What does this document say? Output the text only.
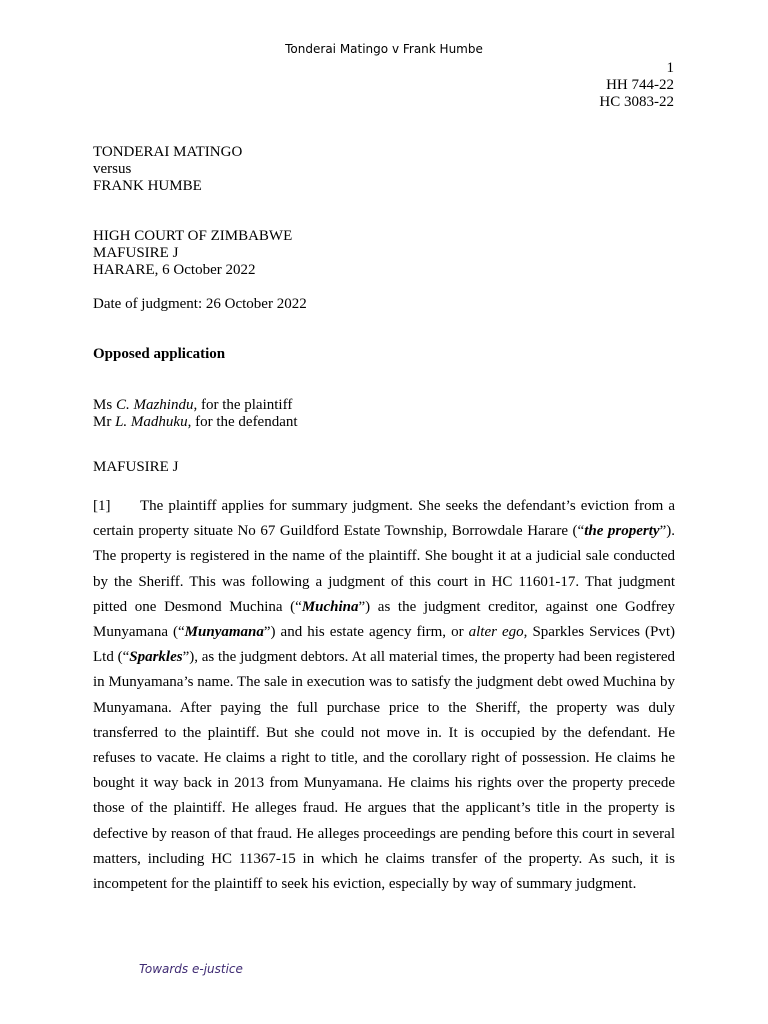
Tonderai Matingo v Frank Humbe
1
HH 744-22
HC 3083-22
TONDERAI MATINGO
versus
FRANK HUMBE
HIGH COURT OF ZIMBABWE
MAFUSIRE J
HARARE, 6 October 2022
Date of judgment: 26 October 2022
Opposed application
Ms C. Mazhindu, for the plaintiff
Mr L. Madhuku, for the defendant
MAFUSIRE J

[1] The plaintiff applies for summary judgment. She seeks the defendant’s eviction from a certain property situate No 67 Guildford Estate Township, Borrowdale Harare (“the property”). The property is registered in the name of the plaintiff. She bought it at a judicial sale conducted by the Sheriff. This was following a judgment of this court in HC 11601-17. That judgment pitted one Desmond Muchina (“Muchina”) as the judgment creditor, against one Godfrey Munyamana (“Munyamana”) and his estate agency firm, or alter ego, Sparkles Services (Pvt) Ltd (“Sparkles”), as the judgment debtors. At all material times, the property had been registered in Munyamana’s name. The sale in execution was to satisfy the judgment debt owed Muchina by Munyamana. After paying the full purchase price to the Sheriff, the property was duly transferred to the plaintiff. But she could not move in. It is occupied by the defendant. He refuses to vacate. He claims a right to title, and the corollary right of possession. He claims he bought it way back in 2013 from Munyamana. He claims his rights over the property precede those of the plaintiff. He alleges fraud. He argues that the applicant’s title in the property is defective by reason of that fraud. He alleges proceedings are pending before this court in several matters, including HC 11367-15 in which he claims transfer of the property. As such, it is incompetent for the plaintiff to seek his eviction, especially by way of summary judgment.

Towards e-justice
